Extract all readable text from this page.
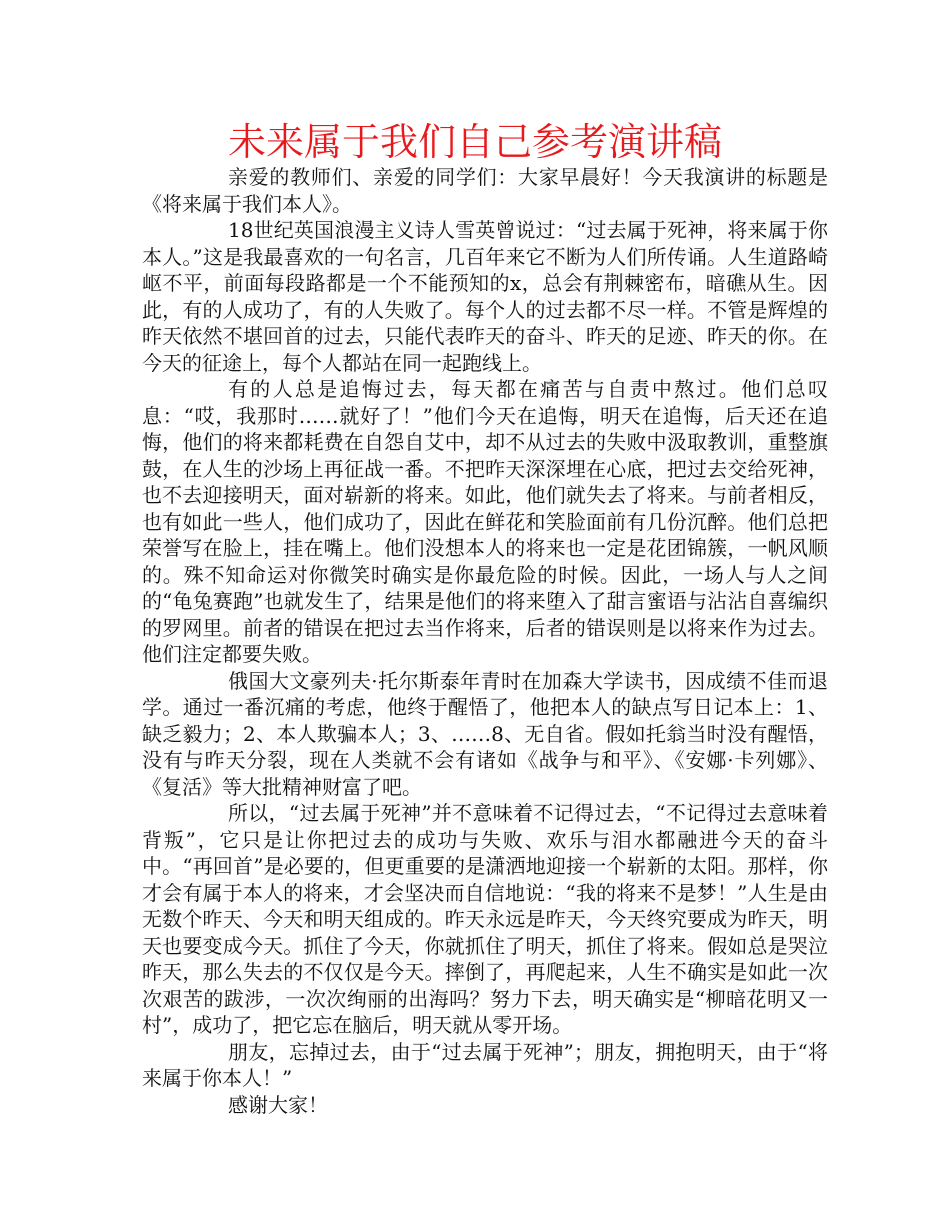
未来属于我们自己参考演讲稿

亲爱的教师们、亲爱的同学们：大家早晨好！今天我演讲的标题是《将来属于我们本人》。

18世纪英国浪漫主义诗人雪英曾说过：“过去属于死神，将来属于你本人。”这是我最喜欢的一句名言，几百年来它不断为人们所传诵。人生道路崎岖不平，前面每段路都是一个不能预知的x，总会有荆棘密布，暗礁从生。因此，有的人成功了，有的人失败了。每个人的过去都不尽一样。不管是辉煌的昨天依然不堪回首的过去，只能代表昨天的奋斗、昨天的足迹、昨天的你。在今天的征途上，每个人都站在同一起跑线上。

有的人总是追悔过去，每天都在痛苦与自责中熬过。他们总叹息：“哎，我那时……就好了！”他们今天在追悔，明天在追悔，后天还在追悔，他们的将来都耗费在自怨自艾中，却不从过去的失败中汲取教训，重整旗鼓，在人生的沙场上再征战一番。不把昨天深深埋在心底，把过去交给死神，也不去迎接明天，面对崭新的将来。如此，他们就失去了将来。与前者相反，也有如此一些人，他们成功了，因此在鲜花和笑脸面前有几份沉醉。他们总把荣誉写在脸上，挂在嘴上。他们没想本人的将来也一定是花团锦簇，一帆风顺的。殊不知命运对你微笑时确实是你最危险的时候。因此，一场人与人之间的“龟兔赛跑”也就发生了，结果是他们的将来堕入了甜言蜜语与沾沾自喜编织的罗网里。前者的错误在把过去当作将来，后者的错误则是以将来作为过去。他们注定都要失败。

俄国大文豪列夫·托尔斯泰年青时在加森大学读书，因成绩不佳而退学。通过一番沉痛的考虑，他终于醒悟了，他把本人的缺点写日记本上：1、缺乏毅力；2、本人欺骗本人；3、……8、无自省。假如托翁当时没有醒悟，没有与昨天分裂，现在人类就不会有诸如《战争与和平》、《安娜·卡列娜》、《复活》等大批精神财富了吧。

所以，“过去属于死神”并不意味着不记得过去，“不记得过去意味着背叛”，它只是让你把过去的成功与失败、欢乐与泪水都融进今天的奋斗中。“再回首”是必要的，但更重要的是潇洒地迎接一个崭新的太阳。那样，你才会有属于本人的将来，才会坚决而自信地说：“我的将来不是梦！”人生是由无数个昨天、今天和明天组成的。昨天永远是昨天，今天终究要成为昨天，明天也要变成今天。抓住了今天，你就抓住了明天，抓住了将来。假如总是哭泣昨天，那么失去的不仅仅是今天。摔倒了，再爬起来，人生不确实是如此一次次艰苦的跋涉，一次次绚丽的出海吗？努力下去，明天确实是“柳暗花明又一村”，成功了，把它忘在脑后，明天就从零开场。

朋友，忘掉过去，由于“过去属于死神”；朋友，拥抱明天，由于“将来属于你本人！”

感谢大家！
